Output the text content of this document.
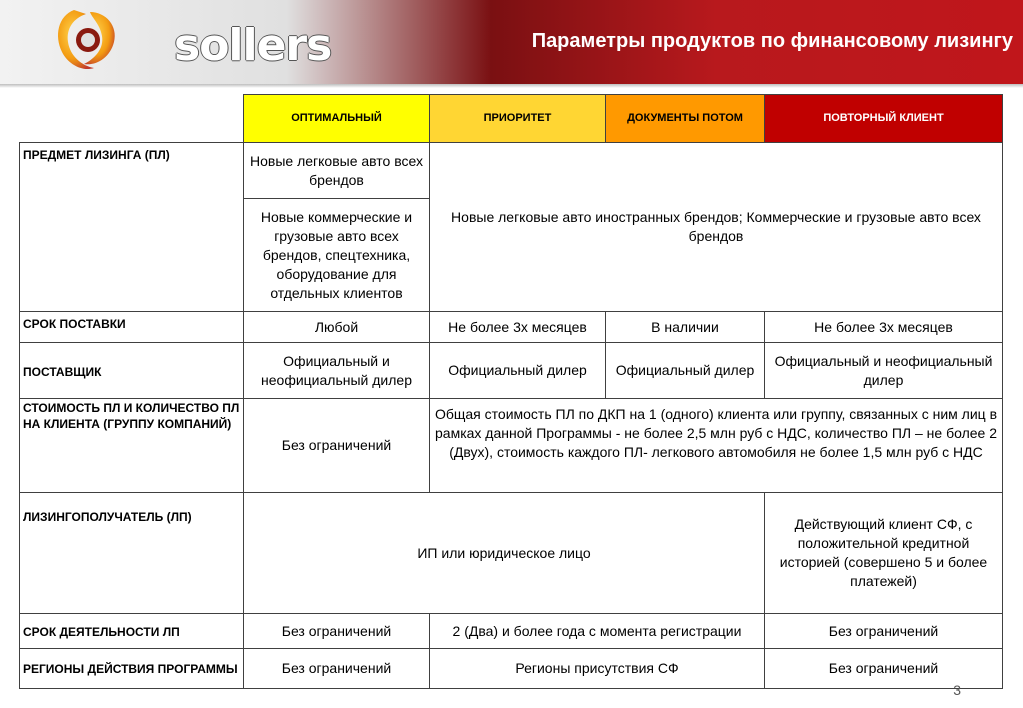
sollers	Параметры продуктов по финансовому лизингу
	ОПТИМАЛЬНЫЙ	ПРИОРИТЕТ	ДОКУМЕНТЫ ПОТОМ	ПОВТОРНЫЙ КЛИЕНТ
ПРЕДМЕТ ЛИЗИНГА (ПЛ)	Новые легковые авто всех брендов	Новые легковые авто иностранных брендов; Коммерческие и грузовые авто всех брендов		
	Новые коммерческие и грузовые авто всех брендов, спецтехника, оборудование для отдельных клиентов			
СРОК ПОСТАВКИ	Любой	Не более 3х месяцев	В наличии	Не более 3х месяцев
ПОСТАВЩИК	Официальный и неофициальный дилер	Официальный дилер	Официальный дилер	Официальный и неофициальный дилер
СТОИМОСТЬ ПЛ И КОЛИЧЕСТВО ПЛ НА КЛИЕНТА (ГРУППУ КОМПАНИЙ)	Без ограничений	Общая стоимость ПЛ по ДКП на 1 (одного) клиента или группу, связанных с ним лиц в рамках данной Программы - не более 2,5 млн руб с НДС, количество ПЛ – не более 2 (Двух), стоимость каждого ПЛ- легкового автомобиля не более 1,5 млн руб с НДС		
ЛИЗИНГОПОЛУЧАТЕЛЬ (ЛП)	ИП или юридическое лицо			Действующий клиент СФ, с положительной кредитной историей (совершено 5 и более платежей)
СРОК ДЕЯТЕЛЬНОСТИ ЛП	Без ограничений	2 (Два) и более года с момента регистрации		Без ограничений
РЕГИОНЫ ДЕЙСТВИЯ ПРОГРАММЫ	Без ограничений	Регионы присутствия СФ		Без ограничений
3
